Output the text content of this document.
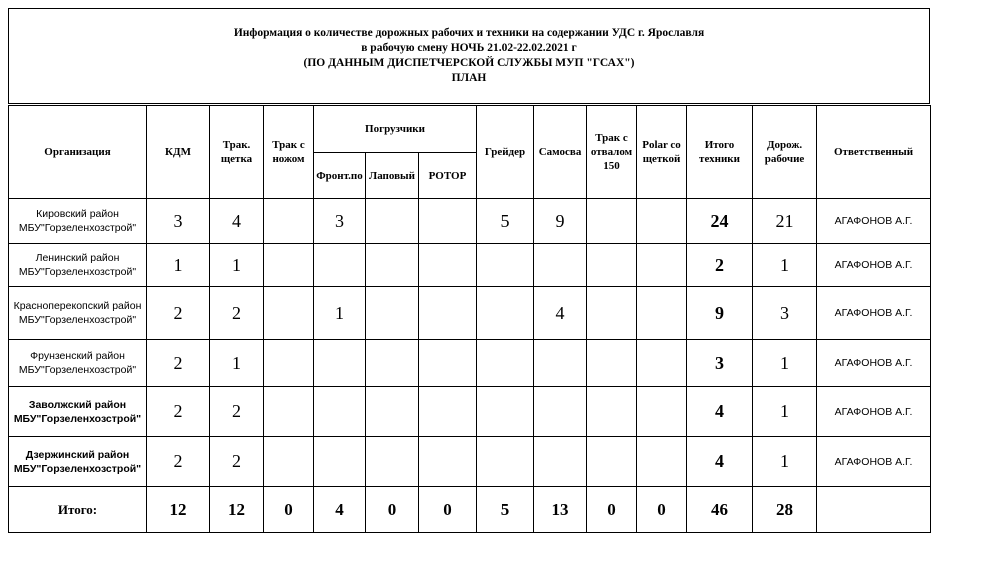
Информация о количестве дорожных рабочих и техники на содержании УДС г. Ярославля
в рабочую смену НОЧЬ 21.02-22.02.2021 г
(ПО ДАННЫМ ДИСПЕТЧЕРСКОЙ СЛУЖБЫ МУП "ГСАХ")
ПЛАН
Организация	КДМ	Трак. щетка	Трак с ножом	Погрузчики			Грейдер	Самосва	Трак с отвалом 150	Polar со щеткой	Итого техники	Дорож. рабочие	Ответственный
				Фронт.по	Лаповый	РОТОР							

Кировский район
МБУ"Горзеленхозстрой"	3	4		3			5	9			24	21	АГАФОНОВ А.Г.

Ленинский район
МБУ"Горзеленхозстрой"	1	1									2	1	АГАФОНОВ А.Г.

Красноперекопский район
МБУ"Горзеленхозстрой"	2	2		1				4			9	3	АГАФОНОВ А.Г.

Фрунзенский район
МБУ"Горзеленхозстрой"	2	1									3	1	АГАФОНОВ А.Г.

Заволжский район
МБУ"Горзеленхозстрой"	2	2									4	1	АГАФОНОВ А.Г.

Дзержинский район
МБУ"Горзеленхозстрой"	2	2									4	1	АГАФОНОВ А.Г.
Итого:	12	12	0	4	0	0	5	13	0	0	46	28	
